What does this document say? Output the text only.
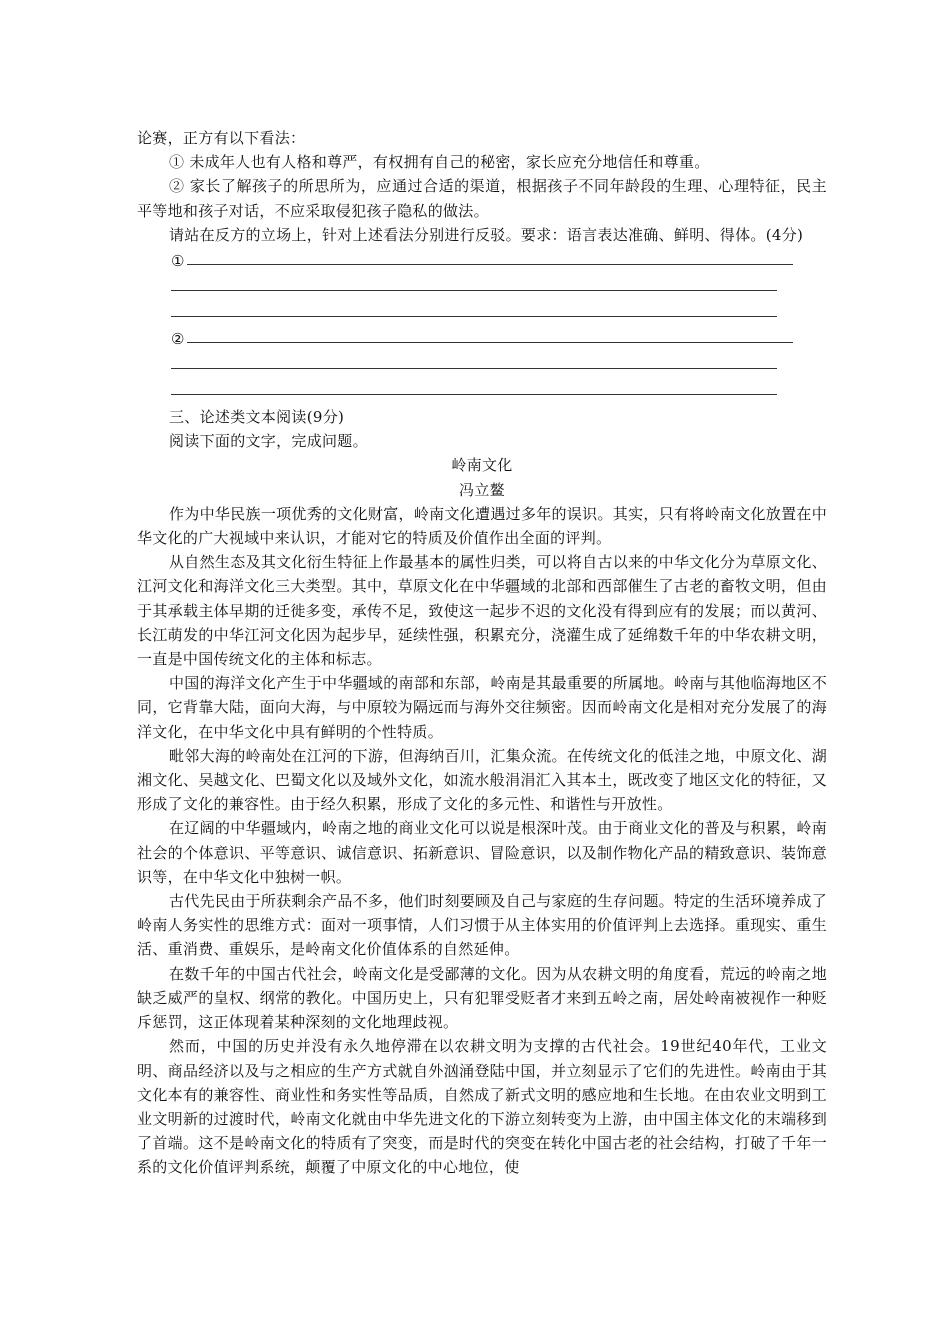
论赛，正方有以下看法：

① 未成年人也有人格和尊严，有权拥有自己的秘密，家长应充分地信任和尊重。

② 家长了解孩子的所思所为，应通过合适的渠道，根据孩子不同年龄段的生理、心理特征，民主平等地和孩子对话，不应采取侵犯孩子隐私的做法。

请站在反方的立场上，针对上述看法分别进行反驳。要求：语言表达准确、鲜明、得体。(4分)

①
②

三、论述类文本阅读(9分)

阅读下面的文字，完成问题。

岭南文化

冯立鳌

作为中华民族一项优秀的文化财富，岭南文化遭遇过多年的误识。其实，只有将岭南文化放置在中华文化的广大视域中来认识，才能对它的特质及价值作出全面的评判。

从自然生态及其文化衍生特征上作最基本的属性归类，可以将自古以来的中华文化分为草原文化、江河文化和海洋文化三大类型。其中，草原文化在中华疆域的北部和西部催生了古老的畜牧文明，但由于其承载主体早期的迁徙多变，承传不足，致使这一起步不迟的文化没有得到应有的发展；而以黄河、长江萌发的中华江河文化因为起步早，延续性强，积累充分，浇灌生成了延绵数千年的中华农耕文明，一直是中国传统文化的主体和标志。

中国的海洋文化产生于中华疆域的南部和东部，岭南是其最重要的所属地。岭南与其他临海地区不同，它背靠大陆，面向大海，与中原较为隔远而与海外交往频密。因而岭南文化是相对充分发展了的海洋文化，在中华文化中具有鲜明的个性特质。

毗邻大海的岭南处在江河的下游，但海纳百川，汇集众流。在传统文化的低洼之地，中原文化、湖湘文化、吴越文化、巴蜀文化以及域外文化，如流水般涓涓汇入其本土，既改变了地区文化的特征，又形成了文化的兼容性。由于经久积累，形成了文化的多元性、和谐性与开放性。

在辽阔的中华疆域内，岭南之地的商业文化可以说是根深叶茂。由于商业文化的普及与积累，岭南社会的个体意识、平等意识、诚信意识、拓新意识、冒险意识，以及制作物化产品的精致意识、装饰意识等，在中华文化中独树一帜。

古代先民由于所获剩余产品不多，他们时刻要顾及自己与家庭的生存问题。特定的生活环境养成了岭南人务实性的思维方式：面对一项事情，人们习惯于从主体实用的价值评判上去选择。重现实、重生活、重消费、重娱乐，是岭南文化价值体系的自然延伸。

在数千年的中国古代社会，岭南文化是受鄙薄的文化。因为从农耕文明的角度看，荒远的岭南之地缺乏威严的皇权、纲常的教化。中国历史上，只有犯罪受贬者才来到五岭之南，居处岭南被视作一种贬斥惩罚，这正体现着某种深刻的文化地理歧视。

然而，中国的历史并没有永久地停滞在以农耕文明为支撑的古代社会。19世纪40年代，工业文明、商品经济以及与之相应的生产方式就自外汹涌登陆中国，并立刻显示了它们的先进性。岭南由于其文化本有的兼容性、商业性和务实性等品质，自然成了新式文明的感应地和生长地。在由农业文明到工业文明新的过渡时代，岭南文化就由中华先进文化的下游立刻转变为上游，由中国主体文化的末端移到了首端。这不是岭南文化的特质有了突变，而是时代的突变在转化中国古老的社会结构，打破了千年一系的文化价值评判系统，颠覆了中原文化的中心地位，使
